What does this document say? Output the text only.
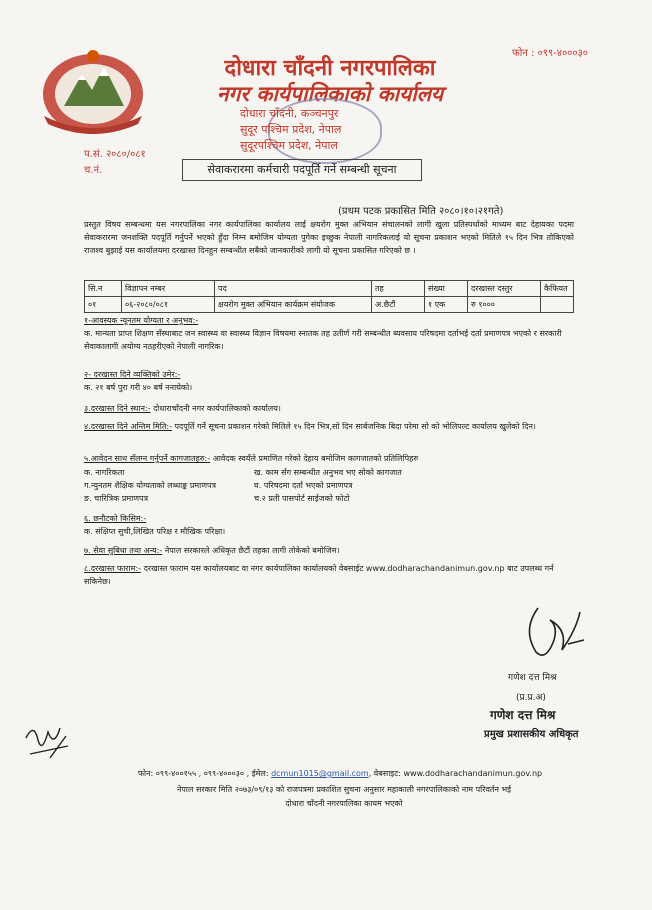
फोन : ०९९-४०००३०
दोधारा चाँदनी नगरपालिका
नगर कार्यपालिकाको कार्यालय
दोधारा चाँदनी, कञ्चनपुर
सुदूर पश्चिम प्रदेश, नेपाल
सुदूरपश्चिम प्रदेश, नेपाल
प.सं. २०८०/०८१
च.नं.	सेवाकरारमा कर्मचारी पदपूर्ति गर्ने सम्बन्धी सूचना
(प्रथम पटक प्रकासित मिति २०८०।१०।२१गते)
प्रस्तुत विषय सम्बन्धमा यस नगरपालिका नगर कार्यपालिका कार्यालय लाई क्षयरोग मुक्त अभियान संचालनको लागी खुला प्रतिस्पर्धाको माध्यम बाट देहायका पदमा सेवाकरारमा जनशक्ति पदपूर्ति गर्नुपर्ने भएको हुँदा निम्न बमोजिम योग्यता पुगेका इच्छुक नेपाली नागरिकलाई यो सूचना प्रकाशन भएको मितिले १५ दिन भित्र तोकिएको राजश्व बुझाई यस कार्यालयमा दरखास्त दिनहुन सम्बन्धीत सबैको जानकारीको लागी यो सूचना प्रकासित गरिएको छ ।
सि.न	विज्ञापन नम्बर	पद	तह	संख्या	दरखास्त दस्तुर	कैफियत
०१	०६-२०८०/०८१	क्षयरोग मुक्त अभियान कार्यक्रम संयोजक	अ.छैटौं	१ एक	रु १०००	
१-आवस्यक न्यूनतम योग्यता र अनुभव:-
क. मान्यता प्राप्त शिक्षण सँस्थाबाट जन स्वास्थ्य वा स्वास्थ्य विज्ञान विषयमा स्नातक तह उतीर्ण गरी सम्बन्धीत ब्यवसाय परिषदमा दर्ताभई दर्ता प्रमाणपत्र भएको र सरकारी सेवाकालागी अयोग्य नठहरीएको नेपाली नागरिक।
२- दरखास्त दिने व्यक्तिको उमेर:-
क. २१ बर्ष पुरा गरी ४० बर्ष ननाघेको।
३.दरखास्त दिने स्थान:- दोधाराचाँदनी नगर कार्यपालिकाको कार्यालय।
४.दरखास्त दिने अन्तिम मिति:- पदपूर्ति गर्ने सूचना प्रकाशन गरेको मितिले १५ दिन भित्र,सो दिन सार्बजनिक बिदा परेमा सो को भोलिपल्ट कार्यालय खुलेको दिन।
५.आवेदन साथ सँलग्न गर्नुपर्ने कागजातहरु:- आवेदक स्वयँले प्रमाणित गरेको देहाय बमोजिम कागजातको प्रतिलिपिहरु
क. नागरिकता	ख. काम र्सग सम्बन्धीत अनुभव भए सोको कागजात
ग.न्युनतम शैक्षिक योग्यताको लब्धाङ्क प्रमाणपत्र	घ. परिषदमा दर्ता भएको प्रमाणपत्र
ङ. चारित्रिक प्रमाणपत्र	च.२ प्रती पासपोर्ट साईजको फोटो
६. छनौटको किसिम:-
क. संक्षिप्त सुची,लिखित परिक्ष र मौखिक परिक्षा।
७. सेवा सुबिधा तथा अन्य:- नेपाल सरकारले अधिकृत छैटौं तहका लागी तोकेको बमोजिम।
८.दरखास्त फाराम:- दरखास्त फाराम यस कार्यालयबाट वा नगर कार्यपालिका कार्यालयको वेबसाईट www.dodharachandanimun.gov.np बाट उपलब्ध गर्न सकिनेछ।
गणेश दत्त मिश्र
(प्र.प्र.अ)
गणेश दत्त मिश्र
प्रमुख प्रशासकीय अधिकृत
फोन: ०९९-४००१५५ , ०९९-४०००३० , ईमेल: dcmun1015@gmail.com, वेबसाइट: www.dodharachandanimun.gov.np
नेपाल सरकार मिति २०७३/०९/१३ को राजपत्रमा प्रकाशित सुचना अनुसार महाकाली नगरपालिकाको नाम परिवर्तन भई
दोधारा चाँदनी नगरपालिका कायम भएको
